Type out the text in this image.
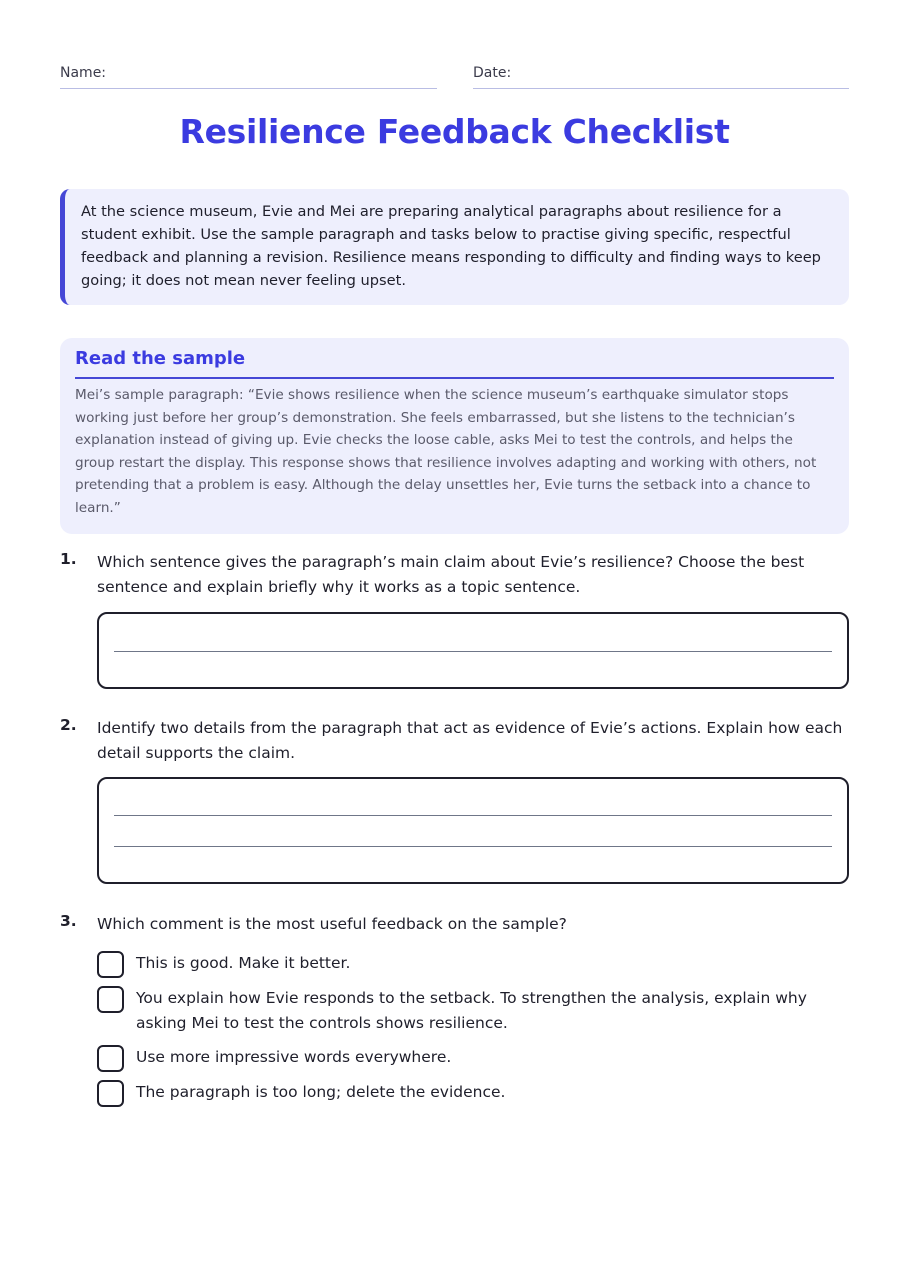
Name:	Date:
Resilience Feedback Checklist

At the science museum, Evie and Mei are preparing analytical paragraphs about resilience for a student exhibit. Use the sample paragraph and tasks below to practise giving specific, respectful feedback and planning a revision. Resilience means responding to difficulty and finding ways to keep going; it does not mean never feeling upset.

Read the sample

Mei’s sample paragraph: “Evie shows resilience when the science museum’s earthquake simulator stops working just before her group’s demonstration. She feels embarrassed, but she listens to the technician’s explanation instead of giving up. Evie checks the loose cable, asks Mei to test the controls, and helps the group restart the display. This response shows that resilience involves adapting and working with others, not pretending that a problem is easy. Although the delay unsettles her, Evie turns the setback into a chance to learn.”

1. Which sentence gives the paragraph’s main claim about Evie’s resilience? Choose the best sentence and explain briefly why it works as a topic sentence.

2. Identify two details from the paragraph that act as evidence of Evie’s actions. Explain how each detail supports the claim.

3. Which comment is the most useful feedback on the sample?

This is good. Make it better.

You explain how Evie responds to the setback. To strengthen the analysis, explain why asking Mei to test the controls shows resilience.

Use more impressive words everywhere.

The paragraph is too long; delete the evidence.
